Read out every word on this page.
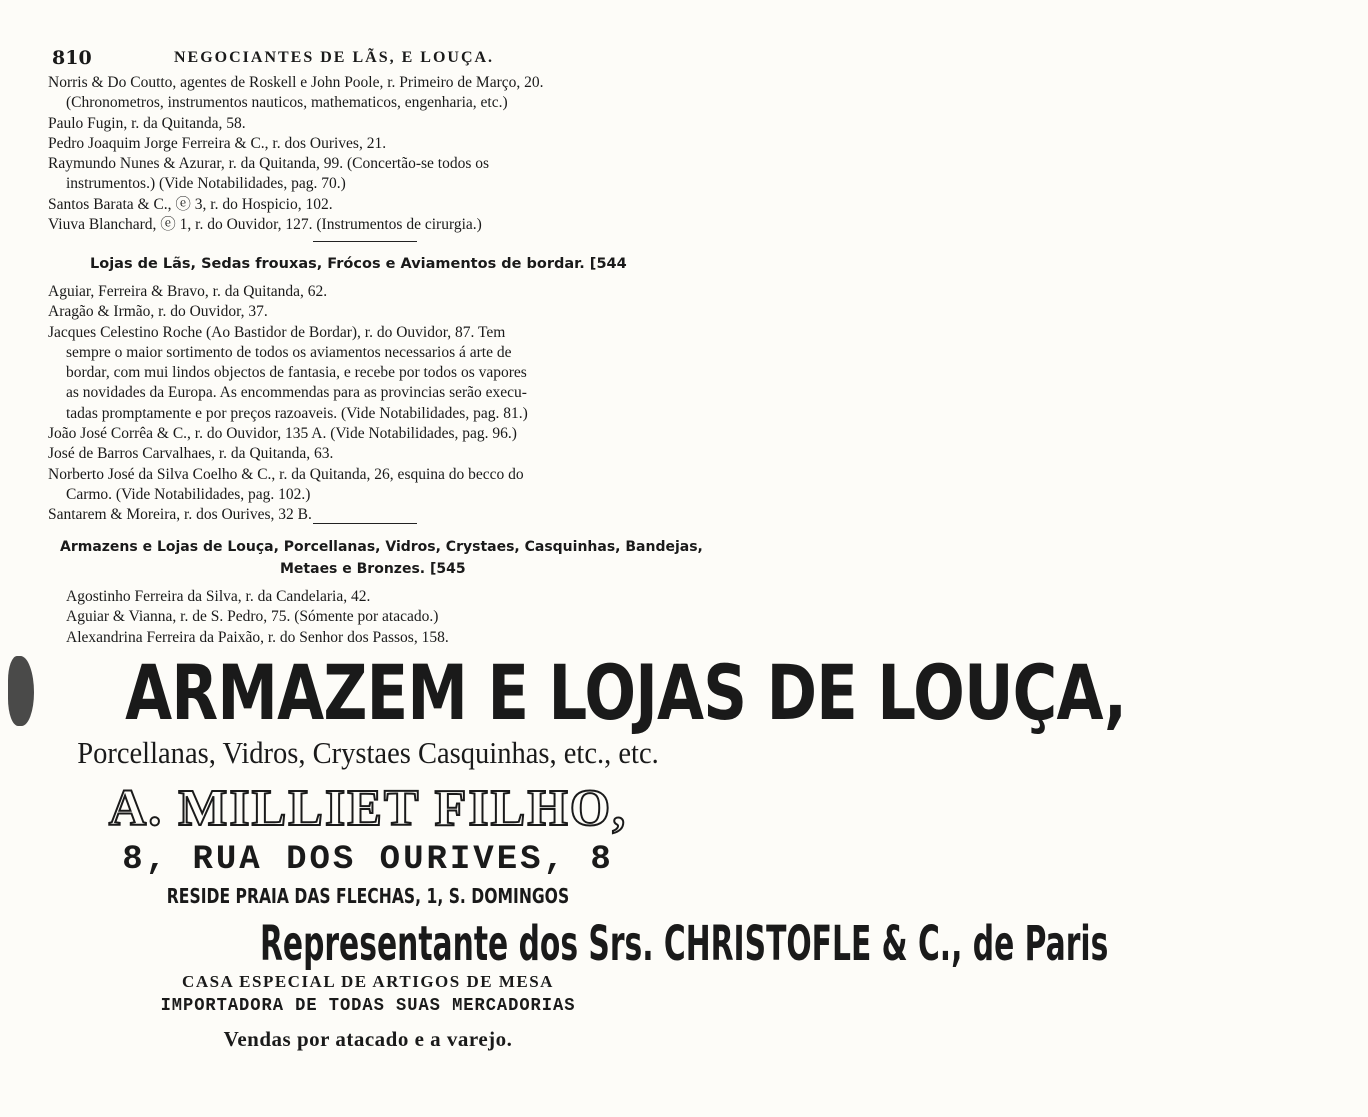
810	NEGOCIANTES DE LÃS, E LOUÇA.

Norris & Do Coutto, agentes de Roskell e John Poole, r. Primeiro de Março, 20.

(Chronometros, instrumentos nauticos, mathematicos, engenharia, etc.)

Paulo Fugin, r. da Quitanda, 58.

Pedro Joaquim Jorge Ferreira & C., r. dos Ourives, 21.

Raymundo Nunes & Azurar, r. da Quitanda, 99. (Concertão-se todos os

instrumentos.) (Vide Notabilidades, pag. 70.)

Santos Barata & C., ⓔ 3, r. do Hospicio, 102.

Viuva Blanchard, ⓔ 1, r. do Ouvidor, 127. (Instrumentos de cirurgia.)

Lojas de Lãs, Sedas frouxas, Frócos e Aviamentos de bordar. [544

Aguiar, Ferreira & Bravo, r. da Quitanda, 62.

Aragão & Irmão, r. do Ouvidor, 37.

Jacques Celestino Roche (Ao Bastidor de Bordar), r. do Ouvidor, 87. Tem

sempre o maior sortimento de todos os aviamentos necessarios á arte de

bordar, com mui lindos objectos de fantasia, e recebe por todos os vapores

as novidades da Europa. As encommendas para as provincias serão execu-

tadas promptamente e por preços razoaveis. (Vide Notabilidades, pag. 81.)

João José Corrêa & C., r. do Ouvidor, 135 A. (Vide Notabilidades, pag. 96.)

José de Barros Carvalhaes, r. da Quitanda, 63.

Norberto José da Silva Coelho & C., r. da Quitanda, 26, esquina do becco do

Carmo. (Vide Notabilidades, pag. 102.)

Santarem & Moreira, r. dos Ourives, 32 B.

Armazens e Lojas de Louça, Porcellanas, Vidros, Crystaes, Casquinhas, Bandejas,
Metaes e Bronzes. [545

Agostinho Ferreira da Silva, r. da Candelaria, 42.

Aguiar & Vianna, r. de S. Pedro, 75. (Sómente por atacado.)

Alexandrina Ferreira da Paixão, r. do Senhor dos Passos, 158.

ARMAZEM E LOJAS DE LOUÇA,
Porcellanas, Vidros, Crystaes Casquinhas, etc., etc.
A. MILLIET FILHO,
8, RUA DOS OURIVES, 8
RESIDE PRAIA DAS FLECHAS, 1, S. DOMINGOS
Representante dos Srs. CHRISTOFLE & C., de Paris
CASA ESPECIAL DE ARTIGOS DE MESA
IMPORTADORA DE TODAS SUAS MERCADORIAS
Vendas por atacado e a varejo.
